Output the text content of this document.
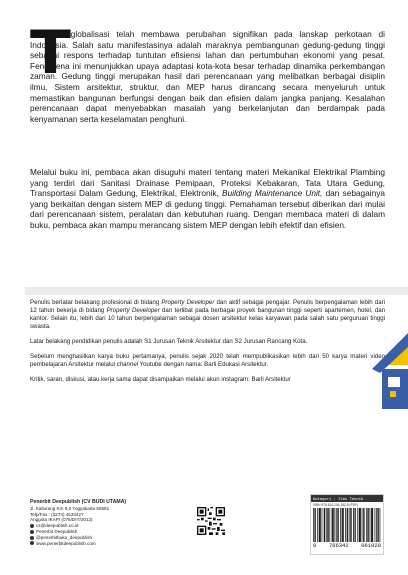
T
ren globalisasi telah membawa perubahan signifikan pada lanskap perkotaan di Indonesia. Salah satu manifestasinya adalah maraknya pembangunan gedung-gedung tinggi sebagai respons terhadap tuntutan efisiensi lahan dan pertumbuhan ekonomi yang pesat. Fenomena ini menunjukkan upaya adaptasi kota-kota besar terhadap dinamika perkembangan zaman. Gedung tinggi merupakan hasil dari perencanaan yang melibatkan berbagai disiplin ilmu. Sistem arsitektur, struktur, dan MEP harus dirancang secara menyeluruh untuk memastikan bangunan berfungsi dengan baik dan efisien dalam jangka panjang. Kesalahan perencanaan dapat menyebabkan masalah yang berkelanjutan dan berdampak pada kenyamanan serta keselamatan penghuni.
Melalui buku ini, pembaca akan disuguhi materi tentang materi Mekanikal Elektrikal Plambing yang terdiri dari Sanitasi Drainase Pemipaan, Proteksi Kebakaran, Tata Utara Gedung, Transportasi Dalam Gedung, Elektrikal, Elektronik, Building Maintenance Unit, dan sebagainya yang berkaitan dengan sistem MEP di gedung tinggi. Pemahaman tersebut diberikan dari mulai dari perencanaan sistem, peralatan dan kebutuhan ruang. Dengan membaca materi di dalam buku, pembaca akan mampu merancang sistem MEP dengan lebih efektif dan efisien.

Penulis berlatar belakang profesional di bidang Property Developer dan aktif sebagai pengajar. Penulis berpengalaman lebih dari 12 tahun bekerja di bidang Property Developer dan terlibat pada berbagai proyek bangunan tinggi seperti apartemen, hotel, dan kantor. Selain itu, lebih dari 10 tahun berpengalaman sebagai dosen arsitektur kelas karyawan pada salah satu perguruan tinggi swasta.

Latar belakang pendidikan penulis adalah S1 Jurusan Teknik Arsitektur dan S2 Jurusan Rancang Kota.

Sebelum menghasilkan karya buku pertamanya, penulis sejak 2020 telah mempublikasikan lebih dari 50 karya materi video pembelajaran Arsitektur melalui channel Youtube dengan nama: Barli Edukasi Arsitektur.

Kritik, saran, diskusi, atau kerja sama dapat disampaikan melalui akun instagram: Barli Arsitektur

Penerbit Deepublish (CV BUDI UTAMA)
Jl. Kaliurang Km 9,3 Yogyakarta 55581
Telp/Fax : (0274) 4533427
Anggota IKAPI (076/DIY/2012)
cs@deepublish.co.id
Penerbit Deepublish
@penerbitbuku_deepublish
www.penerbitdeepublish.com
Kategori : Ilmu Teknik
ISBN 978-634-206-182-8 (PDF)
9 786342 061028
